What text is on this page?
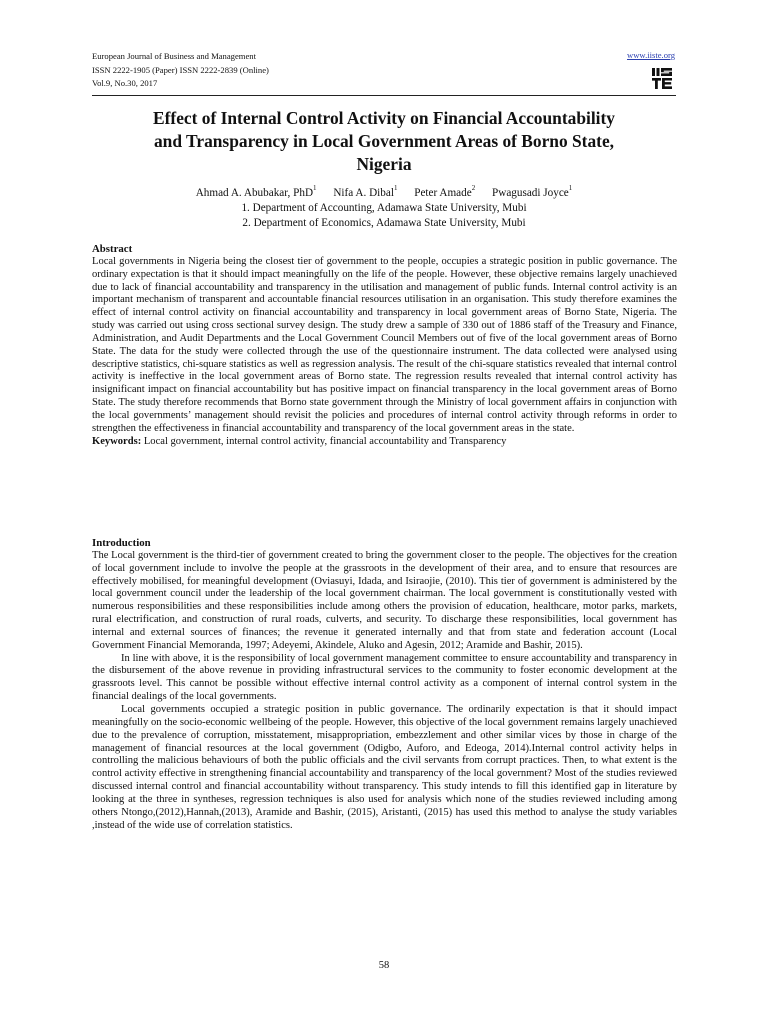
European Journal of Business and Management
ISSN 2222-1905 (Paper) ISSN 2222-2839 (Online)
Vol.9, No.30, 2017
www.iiste.org
Effect of Internal Control Activity on Financial Accountability
and Transparency in Local Government Areas of Borno State,
Nigeria
Ahmad A. Abubakar, PhD$^1$ Nifa A. Dibal$^1$ Peter Amade$^2$ Pwagusadi Joyce$^1$
1. Department of Accounting, Adamawa State University, Mubi
2. Department of Economics, Adamawa State University, Mubi
Abstract
Local governments in Nigeria being the closest tier of government to the people, occupies a strategic position in public governance. The ordinary expectation is that it should impact meaningfully on the life of the people. However, these objective remains largely unachieved due to lack of financial accountability and transparency in the utilisation and management of public funds. Internal control activity is an important mechanism of transparent and accountable financial resources utilisation in an organisation. This study therefore examines the effect of internal control activity on financial accountability and transparency in local government areas of Borno State, Nigeria. The study was carried out using cross sectional survey design. The study drew a sample of 330 out of 1886 staff of the Treasury and Finance, Administration, and Audit Departments and the Local Government Council Members out of five of the local government areas of Borno State. The data for the study were collected through the use of the questionnaire instrument. The data collected were analysed using descriptive statistics, chi-square statistics as well as regression analysis. The result of the chi-square statistics revealed that internal control activity is ineffective in the local government areas of Borno state. The regression results revealed that internal control activity has insignificant impact on financial accountability but has positive impact on financial transparency in the local government areas of Borno State. The study therefore recommends that Borno state government through the Ministry of local government affairs in conjunction with the local governments’ management should revisit the policies and procedures of internal control activity through reforms in order to strengthen the effectiveness in financial accountability and transparency of the local government areas in the state.
Keywords: Local government, internal control activity, financial accountability and Transparency
Introduction
The Local government is the third-tier of government created to bring the government closer to the people. The objectives for the creation of local government include to involve the people at the grassroots in the development of their area, and to ensure that resources are effectively mobilised, for meaningful development (Oviasuyi, Idada, and Isiraojie, (2010). This tier of government is administered by the local government council under the leadership of the local government chairman. The local government is constitutionally vested with numerous responsibilities and these responsibilities include among others the provision of education, healthcare, motor parks, markets, rural electrification, and construction of rural roads, culverts, and security. To discharge these responsibilities, local government has internal and external sources of finances; the revenue it generated internally and that from state and federation account (Local Government Financial Memoranda, 1997; Adeyemi, Akindele, Aluko and Agesin, 2012; Aramide and Bashir, 2015).
In line with above, it is the responsibility of local government management committee to ensure accountability and transparency in the disbursement of the above revenue in providing infrastructural services to the community to foster economic development at the grassroots level. This cannot be possible without effective internal control activity as a component of internal control system in the financial dealings of the local governments.
Local governments occupied a strategic position in public governance. The ordinarily expectation is that it should impact meaningfully on the socio-economic wellbeing of the people. However, this objective of the local government remains largely unachieved due to the prevalence of corruption, misstatement, misappropriation, embezzlement and other similar vices by those in charge of the management of financial resources at the local government (Odigbo, Auforo, and Edeoga, 2014).Internal control activity helps in controlling the malicious behaviours of both the public officials and the civil servants from corrupt practices. Then, to what extent is the control activity effective in strengthening financial accountability and transparency of the local government? Most of the studies reviewed discussed internal control and financial accountability without transparency. This study intends to fill this identified gap in literature by looking at the three in syntheses, regression techniques is also used for analysis which none of the studies reviewed including among others Ntongo,(2012),Hannah,(2013), Aramide and Bashir, (2015), Aristanti, (2015) has used this method to analyse the study variables ,instead of the wide use of correlation statistics.
58
